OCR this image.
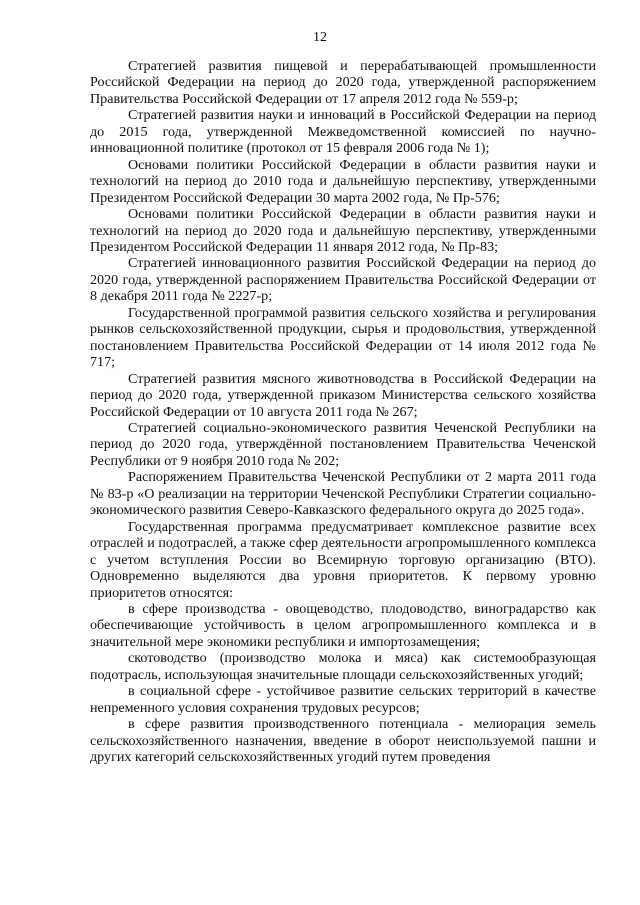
12

Стратегией развития пищевой и перерабатывающей промышленности Российской Федерации на период до 2020 года, утвержденной распоряжением Правительства Российской Федерации от 17 апреля 2012 года № 559-р;

Стратегией развития науки и инноваций в Российской Федерации на период до 2015 года, утвержденной Межведомственной комиссией по научно-инновационной политике (протокол от 15 февраля 2006 года № 1);

Основами политики Российской Федерации в области развития науки и технологий на период до 2010 года и дальнейшую перспективу, утвержденными Президентом Российской Федерации 30 марта 2002 года, № Пр-576;

Основами политики Российской Федерации в области развития науки и технологий на период до 2020 года и дальнейшую перспективу, утвержденными Президентом Российской Федерации 11 января 2012 года, № Пр-83;

Стратегией инновационного развития Российской Федерации на период до 2020 года, утвержденной распоряжением Правительства Российской Федерации от 8 декабря 2011 года № 2227-р;

Государственной программой развития сельского хозяйства и регулирования рынков сельскохозяйственной продукции, сырья и продовольствия, утвержденной постановлением Правительства Российской Федерации от 14 июля 2012 года № 717;

Стратегией развития мясного животноводства в Российской Федерации на период до 2020 года, утвержденной приказом Министерства сельского хозяйства Российской Федерации от 10 августа 2011 года № 267;

Стратегией социально-экономического развития Чеченской Республики на период до 2020 года, утверждённой постановлением Правительства Чеченской Республики от 9 ноября 2010 года № 202;

Распоряжением Правительства Чеченской Республики от 2 марта 2011 года № 83-р «О реализации на территории Чеченской Республики Стратегии социально-экономического развития Северо-Кавказского федерального округа до 2025 года».

Государственная программа предусматривает комплексное развитие всех отраслей и подотраслей, а также сфер деятельности агропромышленного комплекса с учетом вступления России во Всемирную торговую организацию (ВТО). Одновременно выделяются два уровня приоритетов. К первому уровню приоритетов относятся:

в сфере производства - овощеводство, плодоводство, виноградарство как обеспечивающие устойчивость в целом агропромышленного комплекса и в значительной мере экономики республики и импортозамещения;

скотоводство (производство молока и мяса) как системообразующая подотрасль, использующая значительные площади сельскохозяйственных угодий;

в социальной сфере - устойчивое развитие сельских территорий в качестве непременного условия сохранения трудовых ресурсов;

в сфере развития производственного потенциала - мелиорация земель сельскохозяйственного назначения, введение в оборот неиспользуемой пашни и других категорий сельскохозяйственных угодий путем проведения
